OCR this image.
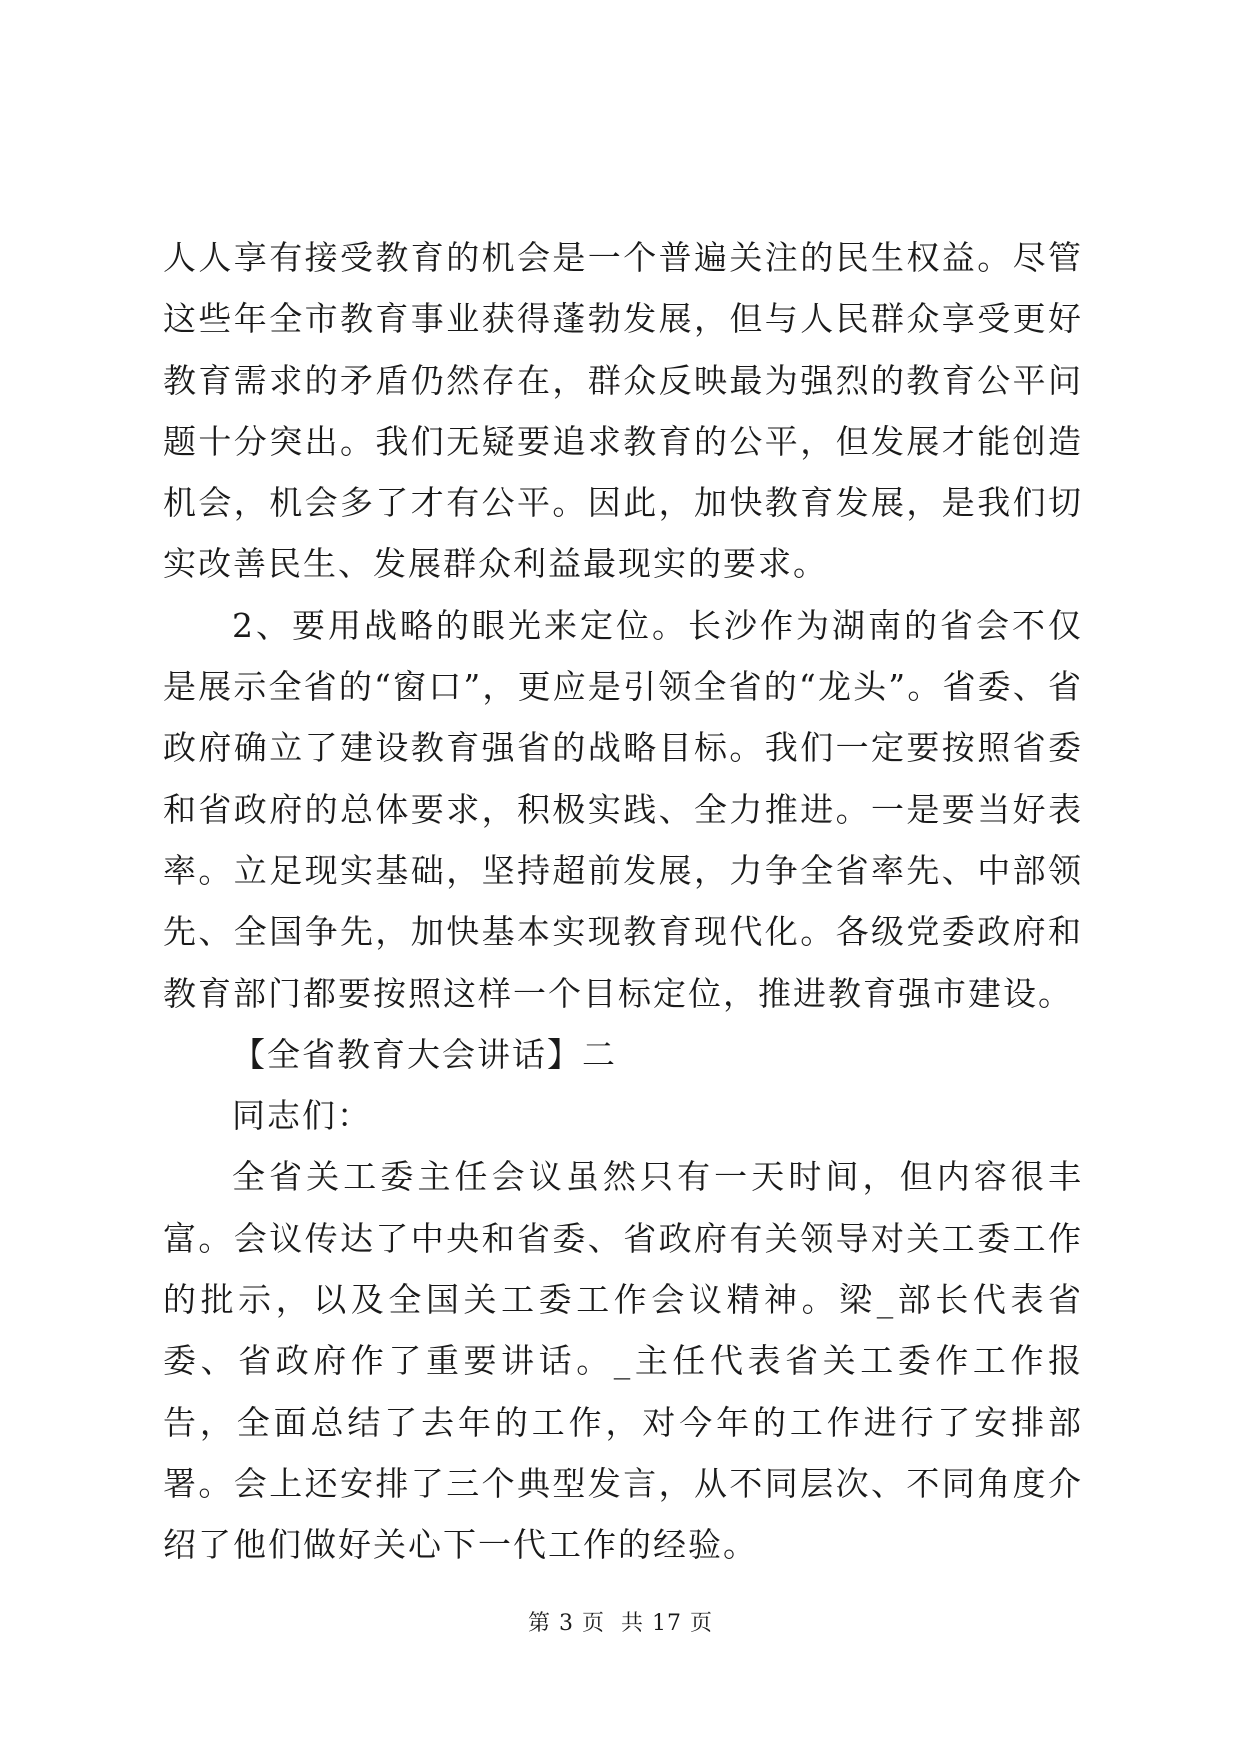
人人享有接受教育的机会是一个普遍关注的民生权益。尽管这些年全市教育事业获得蓬勃发展，但与人民群众享受更好教育需求的矛盾仍然存在，群众反映最为强烈的教育公平问题十分突出。我们无疑要追求教育的公平，但发展才能创造机会，机会多了才有公平。因此，加快教育发展，是我们切实改善民生、发展群众利益最现实的要求。

2、要用战略的眼光来定位。长沙作为湖南的省会不仅是展示全省的“窗口”，更应是引领全省的“龙头”。省委、省政府确立了建设教育强省的战略目标。我们一定要按照省委和省政府的总体要求，积极实践、全力推进。一是要当好表率。立足现实基础，坚持超前发展，力争全省率先、中部领先、全国争先，加快基本实现教育现代化。各级党委政府和教育部门都要按照这样一个目标定位，推进教育强市建设。

【全省教育大会讲话】二

同志们：

全省关工委主任会议虽然只有一天时间，但内容很丰富。会议传达了中央和省委、省政府有关领导对关工委工作的批示，以及全国关工委工作会议精神。梁_部长代表省委、省政府作了重要讲话。_主任代表省关工委作工作报告，全面总结了去年的工作，对今年的工作进行了安排部署。会上还安排了三个典型发言，从不同层次、不同角度介绍了他们做好关心下一代工作的经验。

第 3 页  共 17 页
